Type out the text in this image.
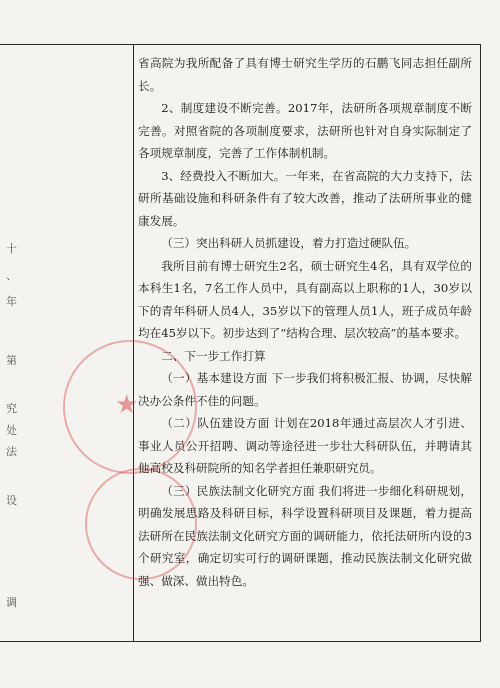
十
、
年
第
究
处
法
设
调
★

省高院为我所配备了具有博士研究生学历的石鹏飞同志担任副所长。

2、制度建设不断完善。2017年，法研所各项规章制度不断完善。对照省院的各项制度要求，法研所也针对自身实际制定了各项规章制度，完善了工作体制机制。

3、经费投入不断加大。一年来，在省高院的大力支持下，法研所基础设施和科研条件有了较大改善，推动了法研所事业的健康发展。

（三）突出科研人员抓建设，着力打造过硬队伍。

我所目前有博士研究生2名，硕士研究生4名，具有双学位的本科生1名，7名工作人员中，具有副高以上职称的1人，30岁以下的青年科研人员4人，35岁以下的管理人员1人，班子成员年龄均在45岁以下。初步达到了“结构合理、层次较高”的基本要求。

二、下一步工作打算

（一）基本建设方面 下一步我们将积极汇报、协调，尽快解决办公条件不佳的问题。

（二）队伍建设方面 计划在2018年通过高层次人才引进、事业人员公开招聘、调动等途径进一步壮大科研队伍，并聘请其他高校及科研院所的知名学者担任兼职研究员。

（三）民族法制文化研究方面 我们将进一步细化科研规划，明确发展思路及科研目标，科学设置科研项目及课题，着力提高法研所在民族法制文化研究方面的调研能力，依托法研所内设的3个研究室，确定切实可行的调研课题，推动民族法制文化研究做强、做深、做出特色。
